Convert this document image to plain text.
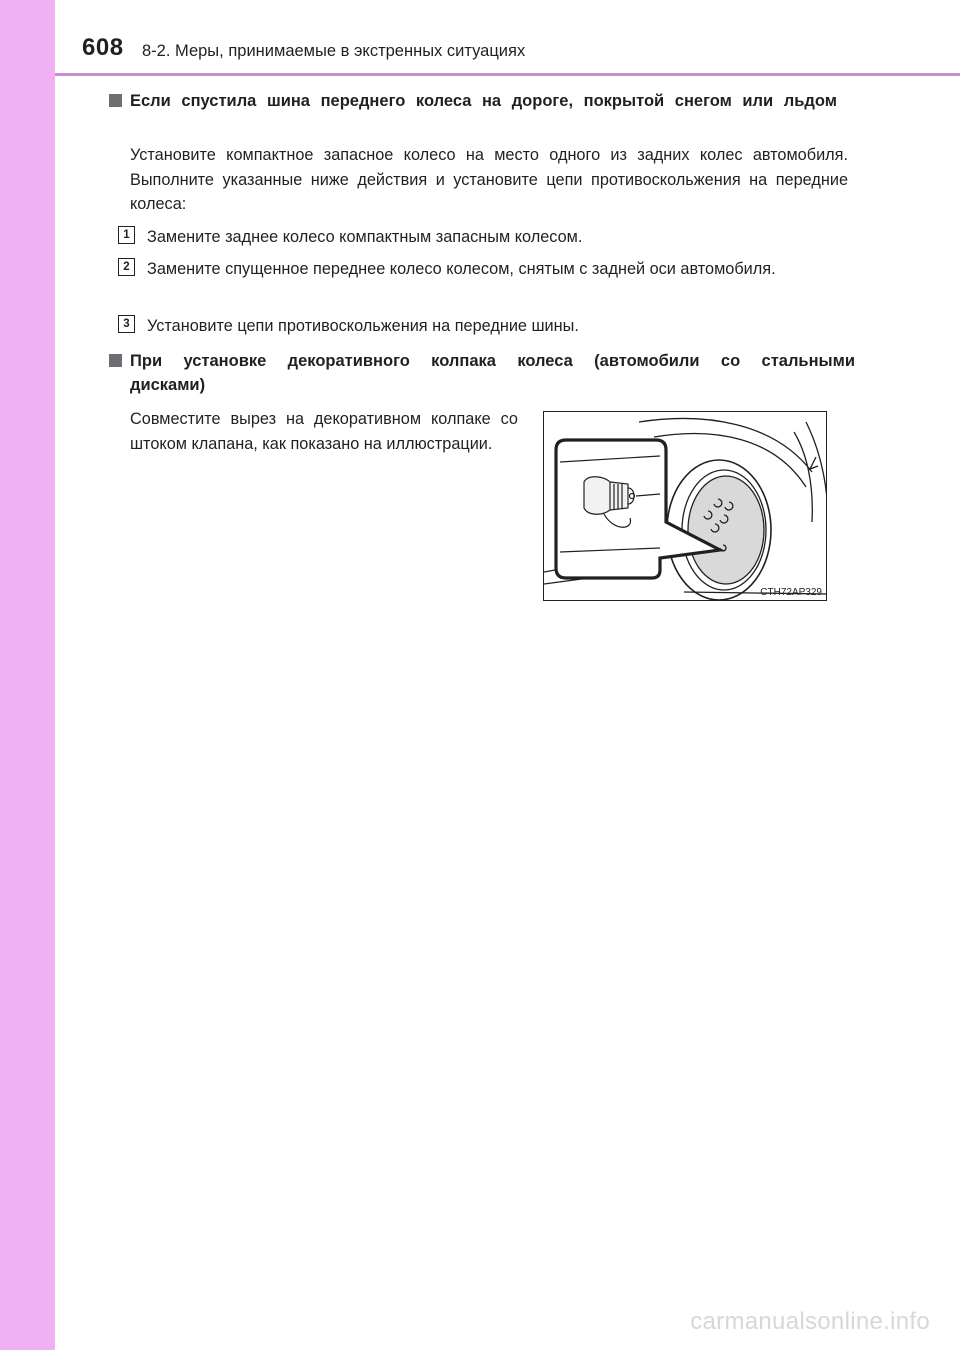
608 8-2. Меры, принимаемые в экстренных ситуациях
Если спустила шина переднего колеса на дороге, покрытой снегом или льдом
Установите компактное запасное колесо на место одного из задних колес автомобиля. Выполните указанные ниже действия и установите цепи противоскольжения на передние колеса:
1	Замените заднее колесо компактным запасным колесом.
2	Замените спущенное переднее колесо колесом, снятым с задней оси автомобиля.
3	Установите цепи противоскольжения на передние шины.
При установке декоративного колпака колеса (автомобили со стальными дисками)
Совместите вырез на декоративном колпаке со штоком клапана, как показано на иллюстрации.
CTH72AP329
carmanualsonline.info
